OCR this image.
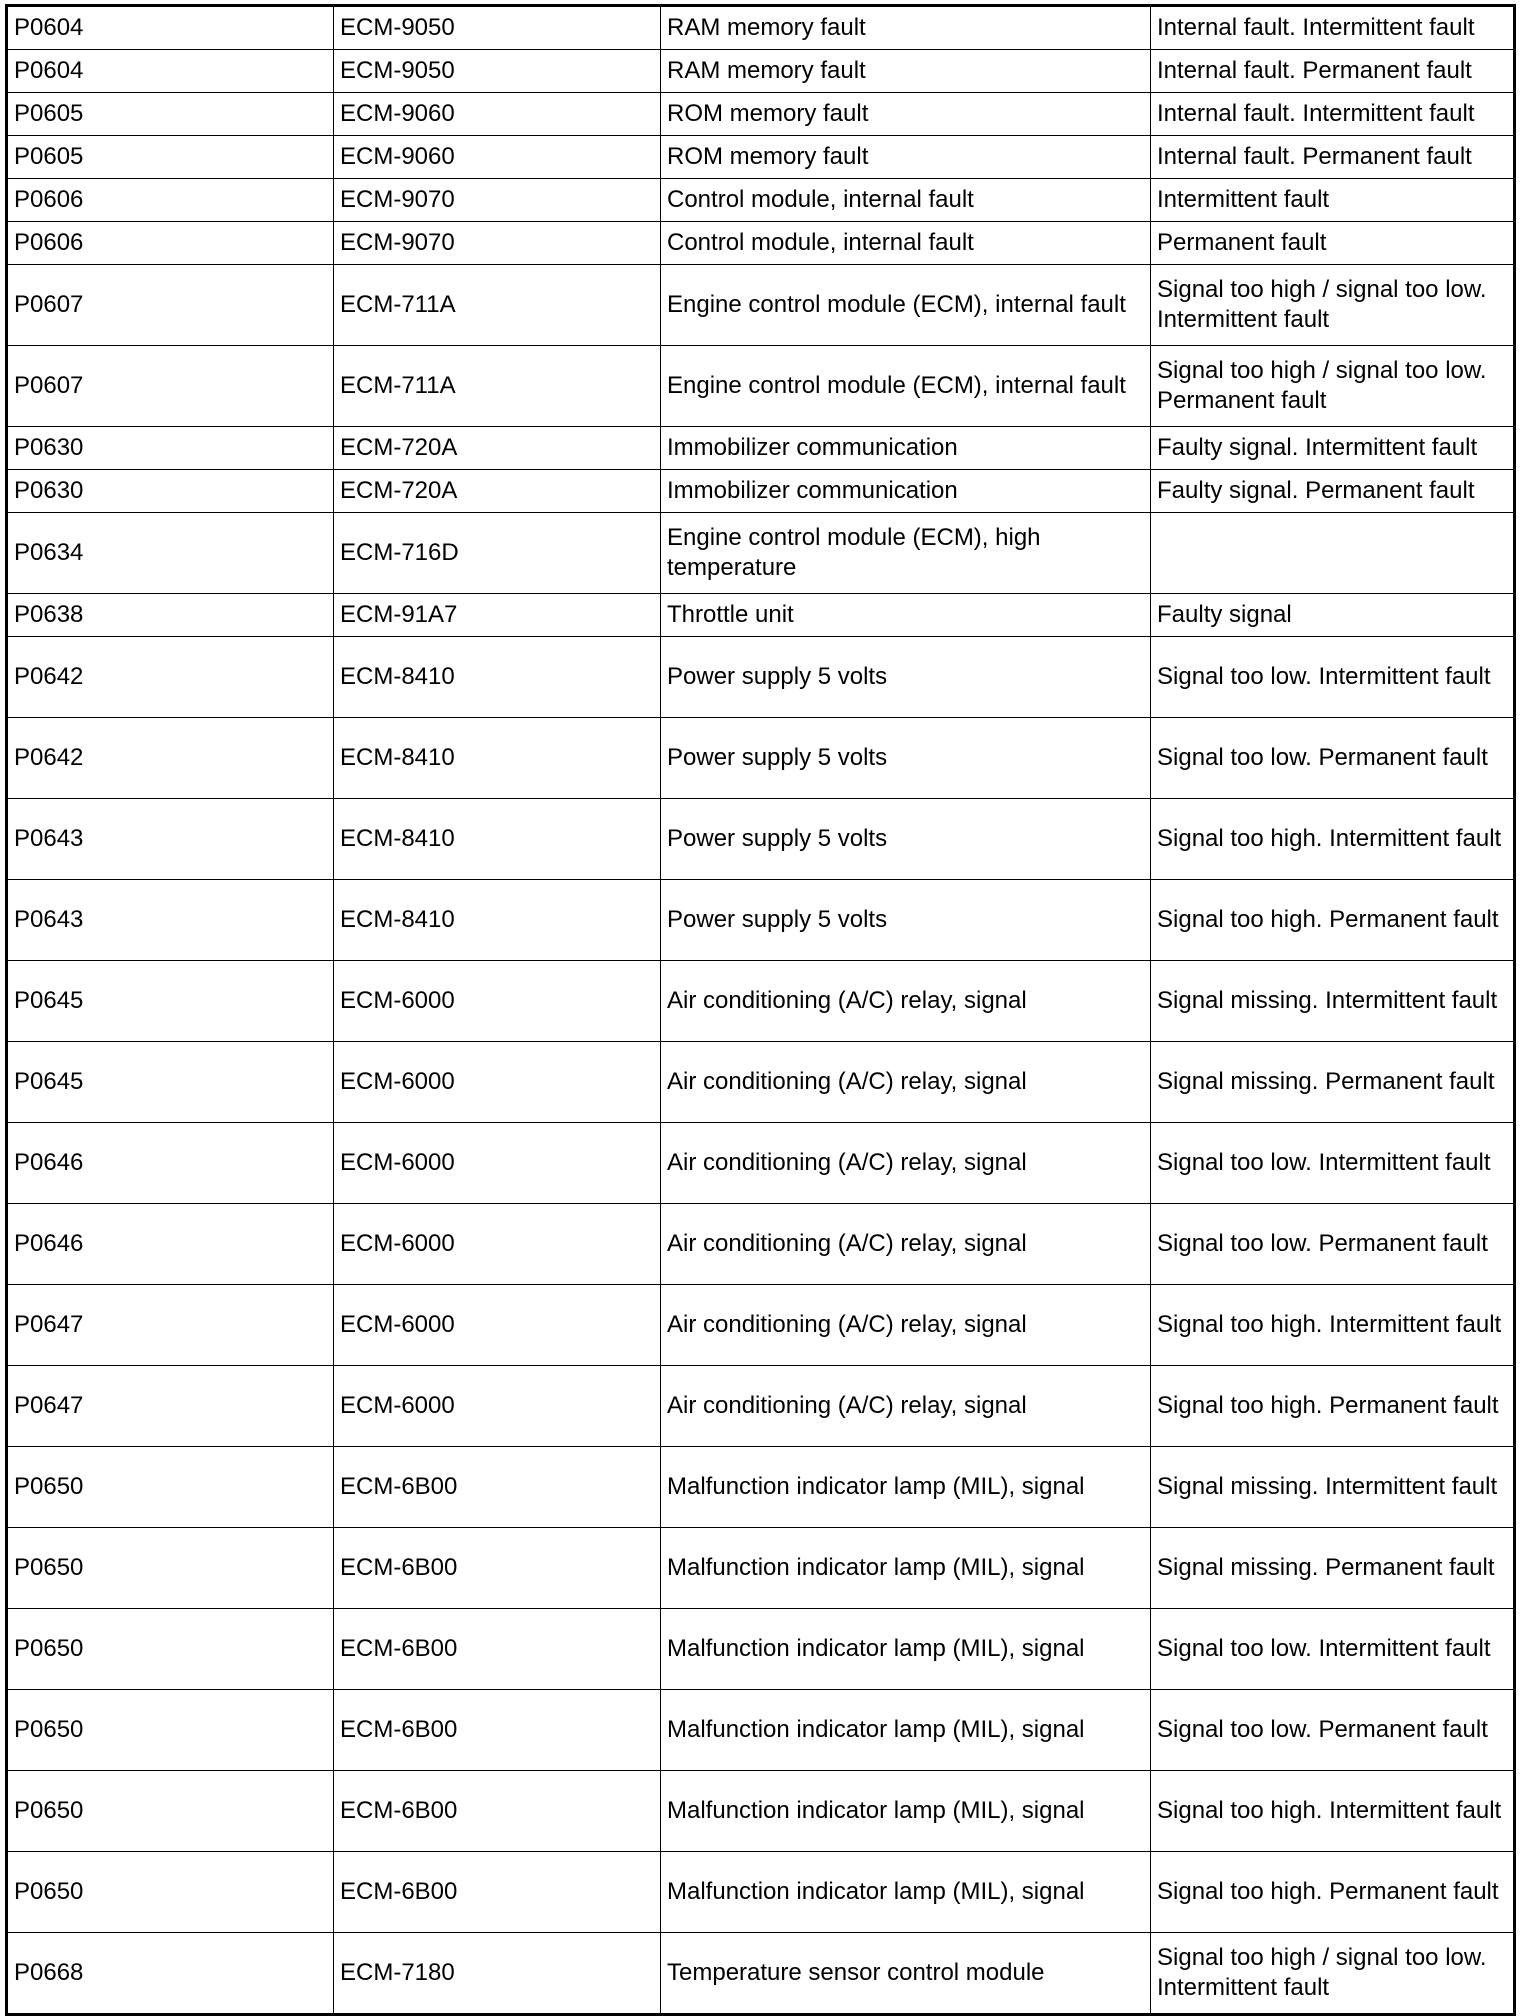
P0604	ECM-9050	RAM memory fault	Internal fault. Intermittent fault
P0604	ECM-9050	RAM memory fault	Internal fault. Permanent fault
P0605	ECM-9060	ROM memory fault	Internal fault. Intermittent fault
P0605	ECM-9060	ROM memory fault	Internal fault. Permanent fault
P0606	ECM-9070	Control module, internal fault	Intermittent fault
P0606	ECM-9070	Control module, internal fault	Permanent fault
P0607	ECM-711A	Engine control module (ECM), internal fault	Signal too high / signal too low. Intermittent fault
P0607	ECM-711A	Engine control module (ECM), internal fault	Signal too high / signal too low. Permanent fault
P0630	ECM-720A	Immobilizer communication	Faulty signal. Intermittent fault
P0630	ECM-720A	Immobilizer communication	Faulty signal. Permanent fault
P0634	ECM-716D	Engine control module (ECM), high temperature	
P0638	ECM-91A7	Throttle unit	Faulty signal
P0642	ECM-8410	Power supply 5 volts	Signal too low. Intermittent fault
P0642	ECM-8410	Power supply 5 volts	Signal too low. Permanent fault
P0643	ECM-8410	Power supply 5 volts	Signal too high. Intermittent fault
P0643	ECM-8410	Power supply 5 volts	Signal too high. Permanent fault
P0645	ECM-6000	Air conditioning (A/C) relay, signal	Signal missing. Intermittent fault
P0645	ECM-6000	Air conditioning (A/C) relay, signal	Signal missing. Permanent fault
P0646	ECM-6000	Air conditioning (A/C) relay, signal	Signal too low. Intermittent fault
P0646	ECM-6000	Air conditioning (A/C) relay, signal	Signal too low. Permanent fault
P0647	ECM-6000	Air conditioning (A/C) relay, signal	Signal too high. Intermittent fault
P0647	ECM-6000	Air conditioning (A/C) relay, signal	Signal too high. Permanent fault
P0650	ECM-6B00	Malfunction indicator lamp (MIL), signal	Signal missing. Intermittent fault
P0650	ECM-6B00	Malfunction indicator lamp (MIL), signal	Signal missing. Permanent fault
P0650	ECM-6B00	Malfunction indicator lamp (MIL), signal	Signal too low. Intermittent fault
P0650	ECM-6B00	Malfunction indicator lamp (MIL), signal	Signal too low. Permanent fault
P0650	ECM-6B00	Malfunction indicator lamp (MIL), signal	Signal too high. Intermittent fault
P0650	ECM-6B00	Malfunction indicator lamp (MIL), signal	Signal too high. Permanent fault
P0668	ECM-7180	Temperature sensor control module	Signal too high / signal too low. Intermittent fault
